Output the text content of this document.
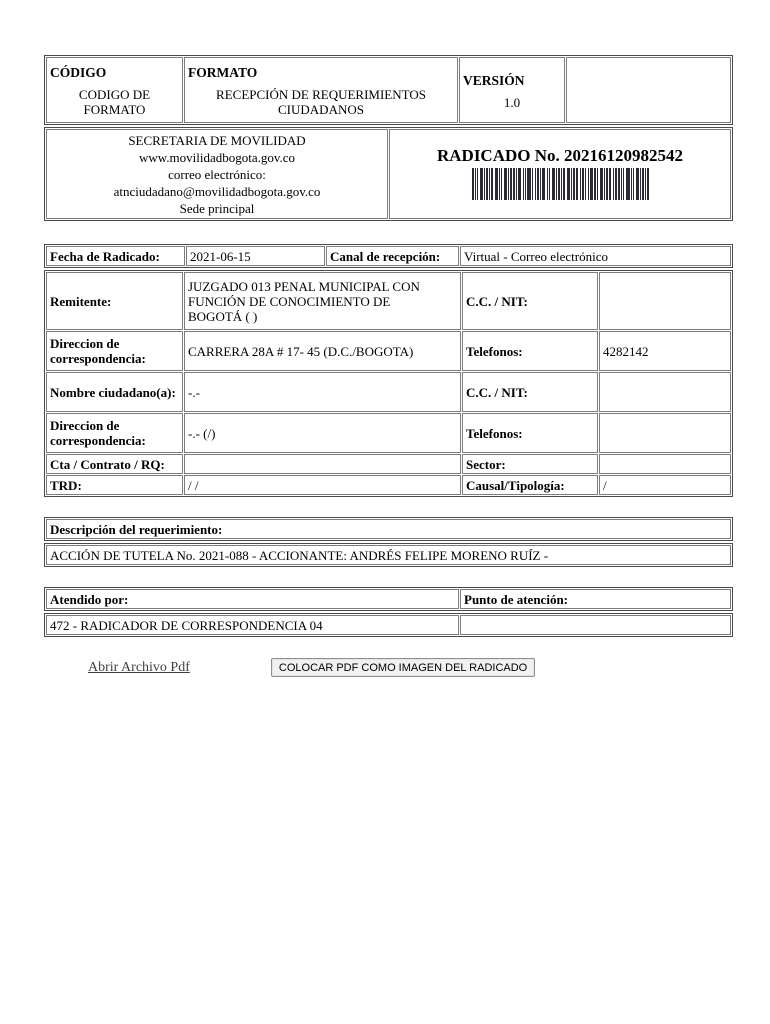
CÓDIGO
CODIGO DE FORMATO

FORMATO
RECEPCIÓN DE REQUERIMIENTOS CIUDADANOS

VERSIÓN
1.0

SECRETARIA DE MOVILIDAD
www.movilidadbogota.gov.co
correo electrónico:
atnciudadano@movilidadbogota.gov.co
Sede principal

RADICADO No. 20216120982542
Fecha de Radicado:	2021-06-15	Canal de recepción:	Virtual - Correo electrónico
Remitente:	JUZGADO 013 PENAL MUNICIPAL CON FUNCIÓN DE CONOCIMIENTO DE BOGOTÁ ( )	C.C. / NIT:	
Direccion de correspondencia:	CARRERA 28A # 17- 45 (D.C./BOGOTA)	Telefonos:	4282142
Nombre ciudadano(a):	-.-	C.C. / NIT:	
Direccion de correspondencia:	-.- (/)	Telefonos:	
Cta / Contrato / RQ:		Sector:	
TRD:	/ /	Causal/Tipología:	/
Descripción del requerimiento:
ACCIÓN DE TUTELA No. 2021-088 - ACCIONANTE: ANDRÉS FELIPE MORENO RUÍZ -
Atendido por:	Punto de atención:
472 - RADICADOR DE CORRESPONDENCIA 04	
Abrir Archivo Pdf	COLOCAR PDF COMO IMAGEN DEL RADICADO
